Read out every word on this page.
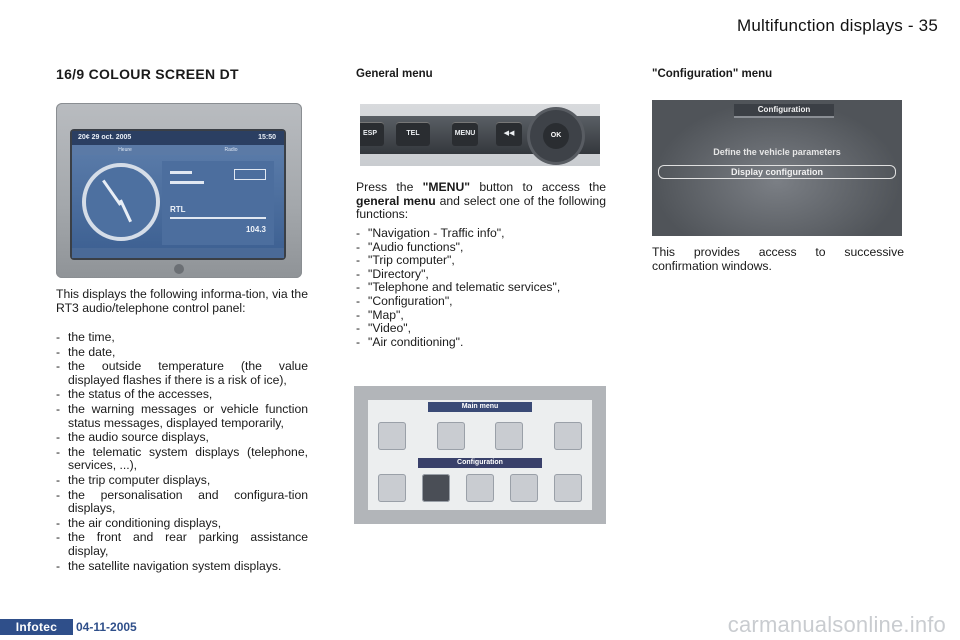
Multifunction displays - 35
16/9 COLOUR SCREEN DT
20¢ 29 oct. 2005	15:50
Heure	Radio
RTL
104.3
This displays the following informa-tion, via the RT3 audio/telephone control panel:
- the time,
- the date,
- the outside temperature (the value displayed flashes if there is a risk of ice),
- the status of the accesses,
- the warning messages or vehicle function status messages, displayed temporarily,
- the audio source displays,
- the telematic system displays (telephone, services, ...),
- the trip computer displays,
- the personalisation and configura-tion displays,
- the air conditioning displays,
- the front and rear parking assistance display,
- the satellite navigation system displays.
General menu
ESP	TEL	MENU	◀◀	OK
Press the "MENU" button to access the general menu and select one of the following functions:
- "Navigation - Traffic info",
- "Audio functions",
- "Trip computer",
- "Directory",
- "Telephone and telematic services",
- "Configuration",
- "Map",
- "Video",
- "Air conditioning".
Main menu
Configuration
"Configuration" menu
Configuration
Define the vehicle parameters
Display configuration
This provides access to successive confirmation windows.
Infotec	04-11-2005	carmanualsonline.info
